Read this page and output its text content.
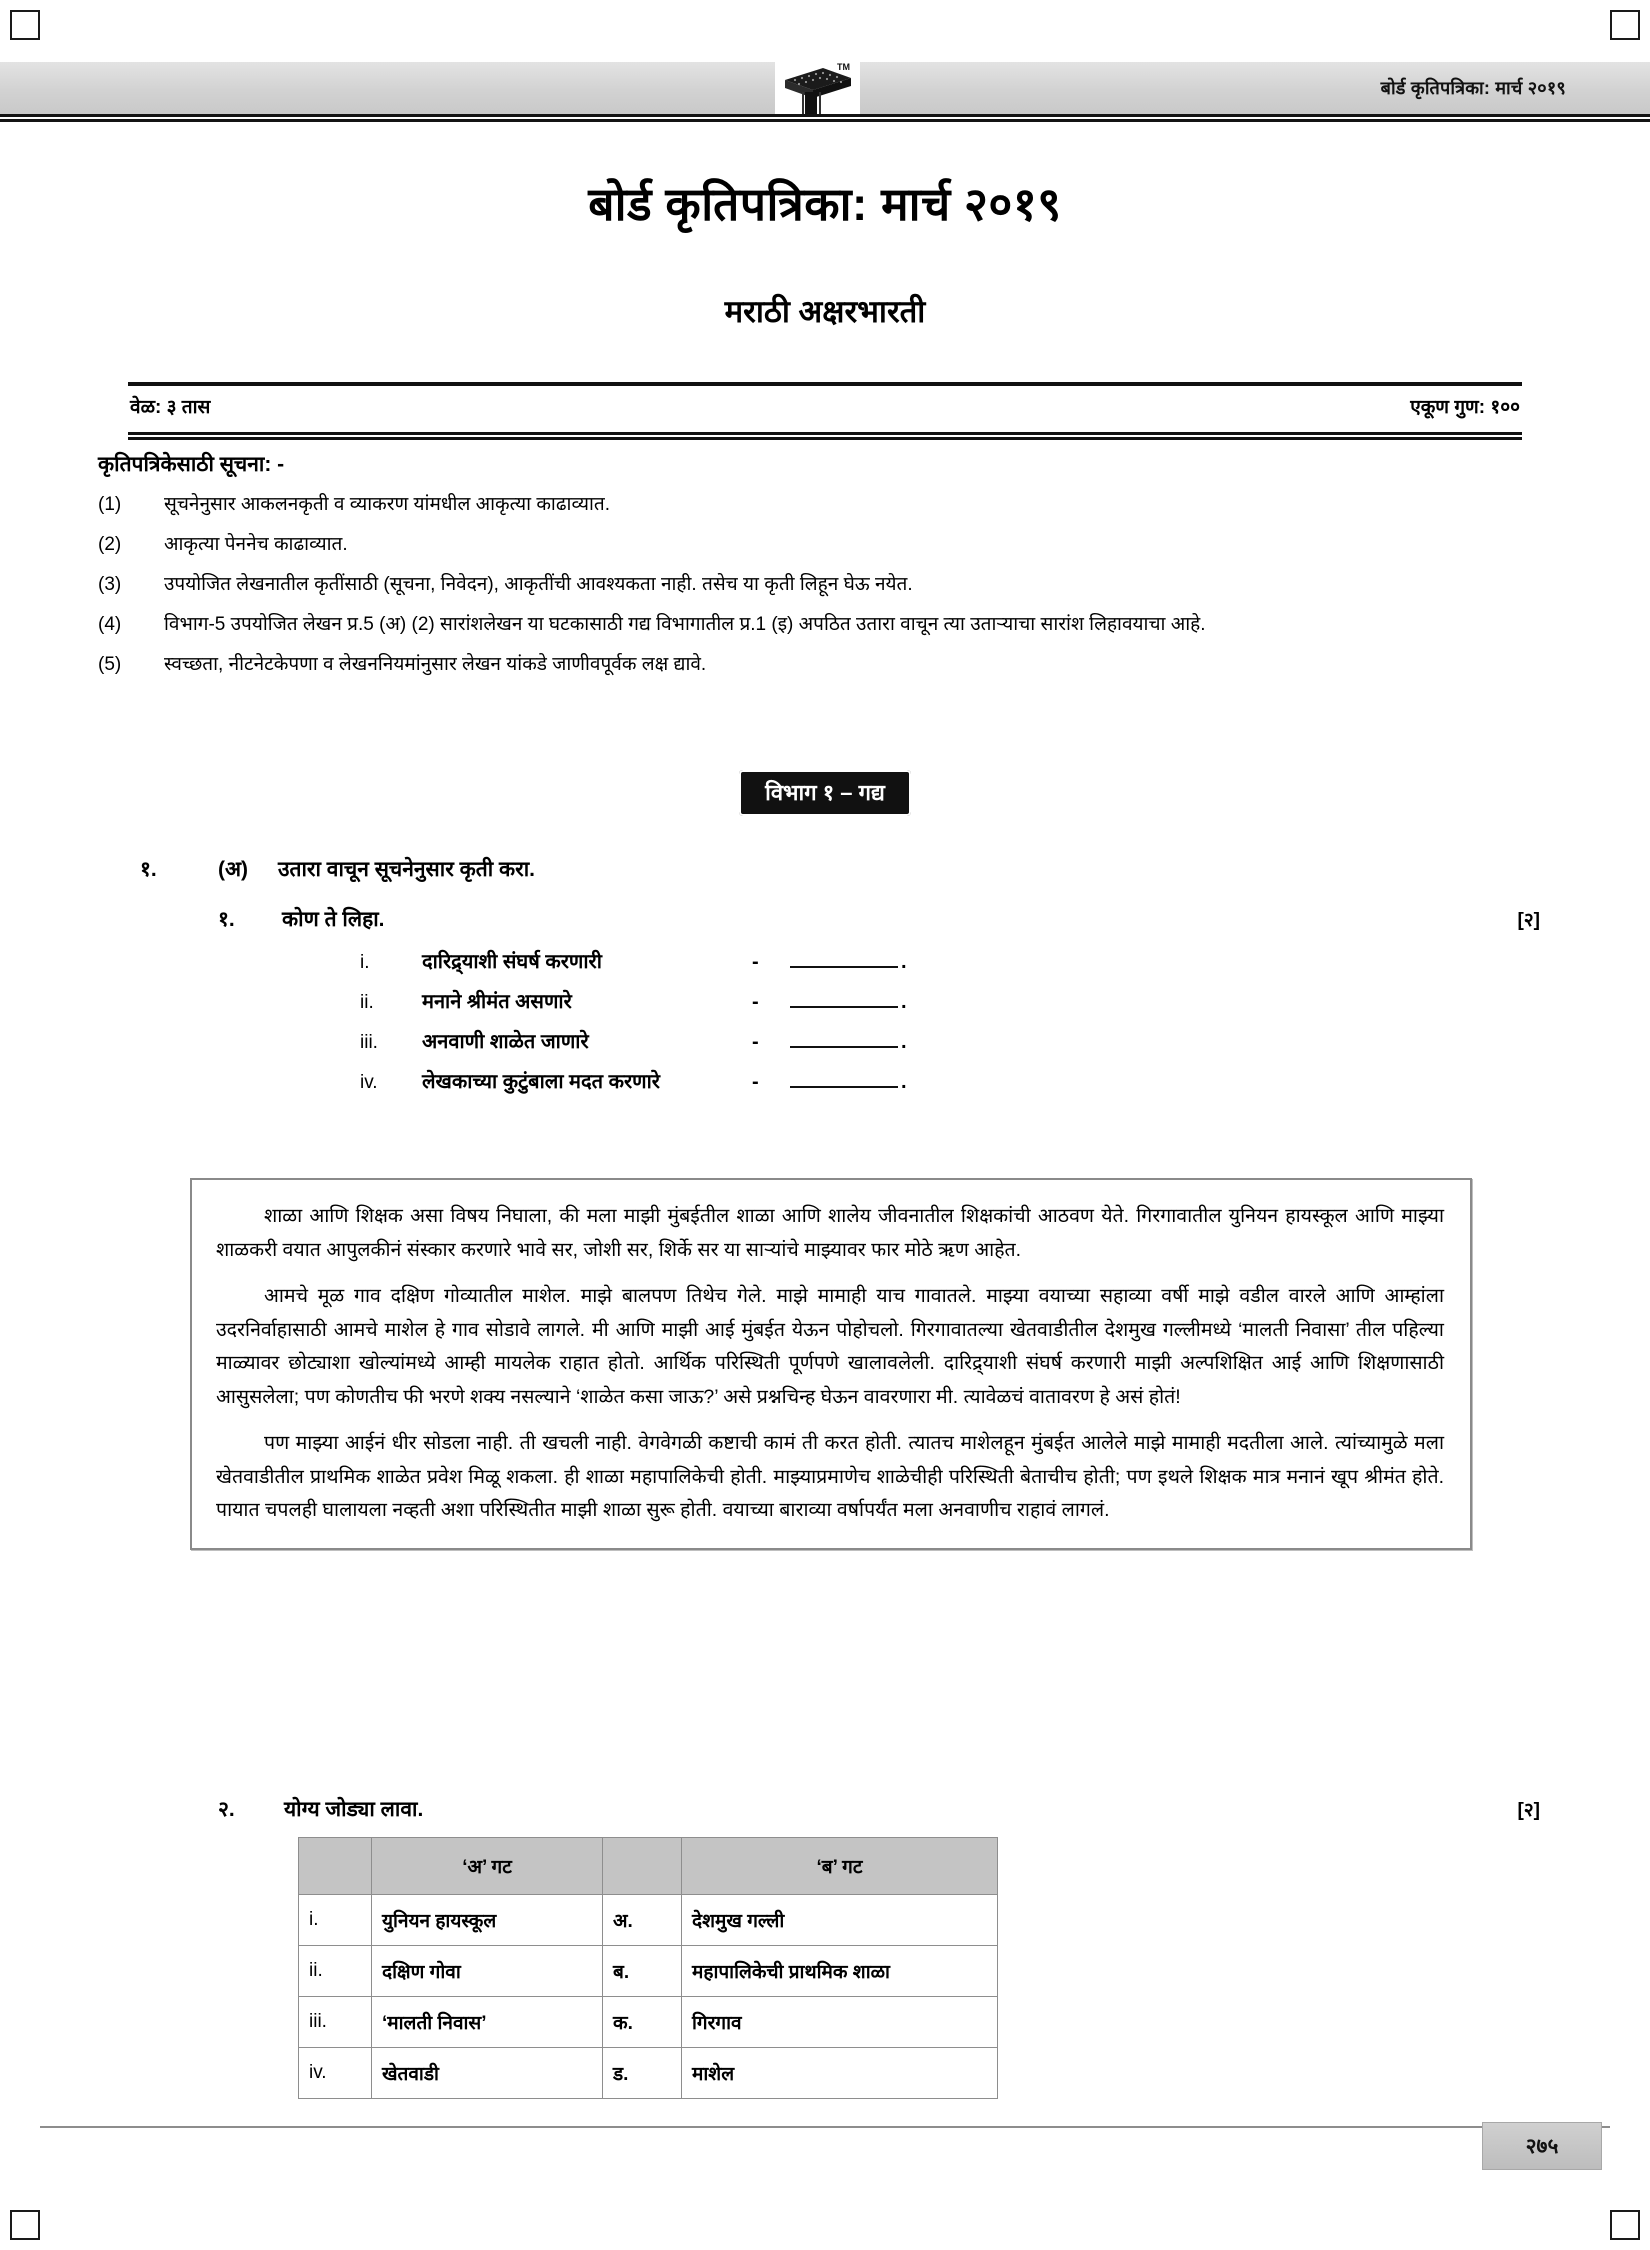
TM
बोर्ड कृतिपत्रिका: मार्च २०१९
बोर्ड कृतिपत्रिका: मार्च २०१९
मराठी अक्षरभारती
वेळ: ३ तास	एकूण गुण: १००
कृतिपत्रिकेसाठी सूचना: -
(1)	सूचनेनुसार आकलनकृती व व्याकरण यांमधील आकृत्या काढाव्यात.
(2)	आकृत्या पेननेच काढाव्यात.
(3)	उपयोजित लेखनातील कृतींसाठी (सूचना, निवेदन), आकृतींची आवश्यकता नाही. तसेच या कृती लिहून घेऊ नयेत.
(4)	विभाग-5 उपयोजित लेखन प्र.5 (अ) (2) सारांशलेखन या घटकासाठी गद्य विभागातील प्र.1 (इ) अपठित उतारा वाचून त्या उताऱ्याचा सारांश लिहावयाचा आहे.
(5)	स्वच्छता, नीटनेटकेपणा व लेखननियमांनुसार लेखन यांकडे जाणीवपूर्वक लक्ष द्यावे.
विभाग १ – गद्य
१.	(अ)	उतारा वाचून सूचनेनुसार कृती करा.
१.	कोण ते लिहा.	[२]
i.	दारिद्र्याशी संघर्ष करणारी	-	.
ii.	मनाने श्रीमंत असणारे	-	.
iii.	अनवाणी शाळेत जाणारे	-	.
iv.	लेखकाच्या कुटुंबाला मदत करणारे	-	.

शाळा आणि शिक्षक असा विषय निघाला, की मला माझी मुंबईतील शाळा आणि शालेय जीवनातील शिक्षकांची आठवण येते. गिरगावातील युनियन हायस्कूल आणि माझ्या शाळकरी वयात आपुलकीनं संस्कार करणारे भावे सर, जोशी सर, शिर्के सर या साऱ्यांचे माझ्यावर फार मोठे ऋण आहेत.

आमचे मूळ गाव दक्षिण गोव्यातील माशेल. माझे बालपण तिथेच गेले. माझे मामाही याच गावातले. माझ्या वयाच्या सहाव्या वर्षी माझे वडील वारले आणि आम्हांला उदरनिर्वाहासाठी आमचे माशेल हे गाव सोडावे लागले. मी आणि माझी आई मुंबईत येऊन पोहोचलो. गिरगावातल्या खेतवाडीतील देशमुख गल्लीमध्ये ‘मालती निवासा’ तील पहिल्या माळ्यावर छोट्याशा खोल्यांमध्ये आम्ही मायलेक राहात होतो. आर्थिक परिस्थिती पूर्णपणे खालावलेली. दारिद्र्याशी संघर्ष करणारी माझी अल्पशिक्षित आई आणि शिक्षणासाठी आसुसलेला; पण कोणतीच फी भरणे शक्य नसल्याने ‘शाळेत कसा जाऊ?’ असे प्रश्नचिन्ह घेऊन वावरणारा मी. त्यावेळचं वातावरण हे असं होतं!

पण माझ्या आईनं धीर सोडला नाही. ती खचली नाही. वेगवेगळी कष्टाची कामं ती करत होती. त्यातच माशेलहून मुंबईत आलेले माझे मामाही मदतीला आले. त्यांच्यामुळे मला खेतवाडीतील प्राथमिक शाळेत प्रवेश मिळू शकला. ही शाळा महापालिकेची होती. माझ्याप्रमाणेच शाळेचीही परिस्थिती बेताचीच होती; पण इथले शिक्षक मात्र मनानं खूप श्रीमंत होते. पायात चपलही घालायला नव्हती अशा परिस्थितीत माझी शाळा सुरू होती. वयाच्या बाराव्या वर्षापर्यंत मला अनवाणीच राहावं लागलं.

२.	योग्य जोड्या लावा.	[२]
	‘अ’ गट		‘ब’ गट
i.	युनियन हायस्कूल	अ.	देशमुख गल्ली
ii.	दक्षिण गोवा	ब.	महापालिकेची प्राथमिक शाळा
iii.	‘मालती निवास’	क.	गिरगाव
iv.	खेतवाडी	ड.	माशेल
२७५
